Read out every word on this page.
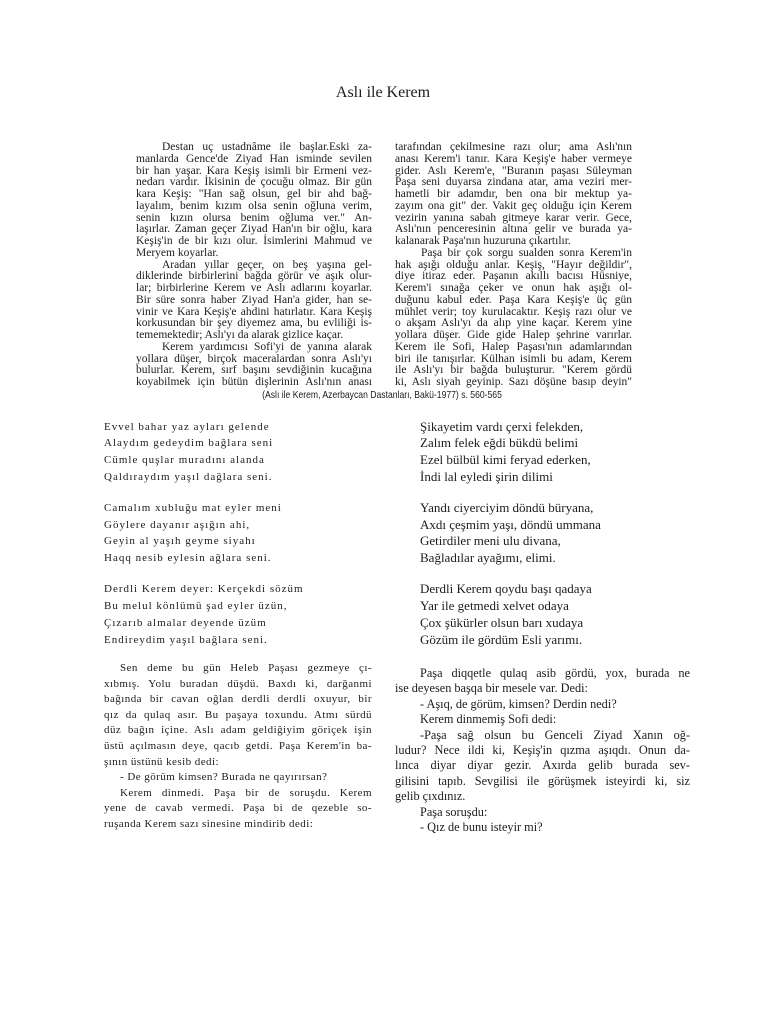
Aslı ile Kerem
Destan uç ustadnâme ile başlar.Eski za-
manlarda Gence'de Ziyad Han isminde sevilen
bir han yaşar. Kara Keşiş isimli bir Ermeni vez-
nedarı vardır. İkisinin de çocuğu olmaz. Bir gün
kara Keşiş: "Han sağ olsun, gel bir ahd bağ-
layalım, benim kızım olsa senin oğluna verim,
senin kızın olursa benim oğluma ver." An-
laşırlar. Zaman geçer Ziyad Han'ın bir oğlu, kara
Keşiş'in de bir kızı olur. İsimlerini Mahmud ve
Meryem koyarlar.
Aradan yıllar geçer, on beş yaşına gel-
diklerinde birbirlerini bağda görür ve aşık olur-
lar; birbirlerine Kerem ve Aslı adlarını koyarlar.
Bir süre sonra haber Ziyad Han'a gider, han se-
vinir ve Kara Keşiş'e ahdini hatırlatır. Kara Keşiş
korkusundan bir şey diyemez ama, bu evliliği is-
tememektedir; Aslı'yı da alarak gizlice kaçar.
Kerem yardımcısı Sofi'yi de yanına alarak
yollara düşer, birçok maceralardan sonra Aslı'yı
bulurlar. Kerem, sırf başını sevdiğinin kucağına
koyabilmek için bütün dişlerinin Aslı'nın anası
tarafından çekilmesine razı olur; ama Aslı'nın
anası Kerem'i tanır. Kara Keşiş'e haber vermeye
gider. Aslı Kerem'e, "Buranın paşası Süleyman
Paşa seni duyarsa zindana atar, ama veziri mer-
hametli bir adamdır, ben ona bir mektup ya-
zayım ona git" der. Vakit geç olduğu için Kerem
vezirin yanına sabah gitmeye karar verir. Gece,
Aslı'nın penceresinin altına gelir ve burada ya-
kalanarak Paşa'nın huzuruna çıkartılır.
Paşa bir çok sorgu sualden sonra Kerem'in
hak aşığı olduğu anlar. Keşiş, "Hayır değildir",
diye itiraz eder. Paşanın akıllı bacısı Hüsniye,
Kerem'i sınağa çeker ve onun hak aşığı ol-
duğunu kabul eder. Paşa Kara Keşiş'e üç gün
mühlet verir; toy kurulacaktır. Keşiş razı olur ve
o akşam Aslı'yı da alıp yine kaçar. Kerem yine
yollara düşer. Gide gide Halep şehrine varırlar.
Kerem ile Sofi, Halep Paşası'nın adamlarından
biri ile tanışırlar. Külhan isimli bu adam, Kerem
ile Aslı'yı bir bağda buluşturur. "Kerem gördü
ki, Aslı siyah geyinip. Sazı döşüne basıp deyin"
(Aslı ile Kerem, Azerbaycan Dastanları, Bakü-1977) s. 560-565
Evvel bahar yaz ayları gelende
Alaydım gedeydim bağlara seni
Cümle quşlar muradını alanda
Qaldıraydım yaşıl dağlara seni.
Camalım xubluğu mat eyler meni
Göylere dayanır aşığın ahi,
Geyin al yaşıh geyme siyahı
Haqq nesib eylesin ağlara seni.
Derdli Kerem deyer: Kerçekdi sözüm
Bu melul könlümü şad eyler üzün,
Çızarıb almalar deyende üzüm
Endireydim yaşıl bağlara seni.
Şikayetim vardı çerxi felekden,
Zalım felek eğdi bükdü belimi
Ezel bülbül kimi feryad ederken,
İndi lal eyledi şirin dilimi
Yandı ciyerciyim döndü büryana,
Axdı çeşmim yaşı, döndü ummana
Getirdiler meni ulu divana,
Bağladılar ayağımı, elimi.
Derdli Kerem qoydu başı qadaya
Yar ile getmedi xelvet odaya
Çox şükürler olsun barı xudaya
Gözüm ile gördüm Esli yarımı.
Sen deme bu gün Heleb Paşası gezmeye çı-
xıbmış. Yolu buradan düşdü. Baxdı ki, darğanmi
bağında bir cavan oğlan derdli derdli oxuyur, bir
qız da qulaq asır. Bu paşaya toxundu. Atmı sürdü
düz bağın içine. Aslı adam geldiğiyim göriçek işin
üstü açılmasın deye, qacıb getdi. Paşa Kerem'in ba-
şının üstünü kesib dedi:
- De görüm kimsen? Burada ne qayırırsan?
Kerem dinmedi. Paşa bir de soruşdu. Kerem
yene de cavab vermedi. Paşa bi de qezeble so-
ruşanda Kerem sazı sinesine mindirib dedi:
Paşa diqqetle qulaq asib gördü, yox, burada ne
ise deyesen başqa bir mesele var. Dedi:
- Aşıq, de görüm, kimsen? Derdin nedi?
Kerem dinmemiş Sofi dedi:
-Paşa sağ olsun bu Genceli Ziyad Xanın oğ-
ludur? Nece ildi ki, Keşiş'in qızma aşıqdı. Onun da-
lınca diyar diyar gezir. Axırda gelib burada sev-
gilisini tapıb. Sevgilisi ile görüşmek isteyirdi ki, siz
gelib çıxdınız.
Paşa soruşdu:
- Qız de bunu isteyir mi?
